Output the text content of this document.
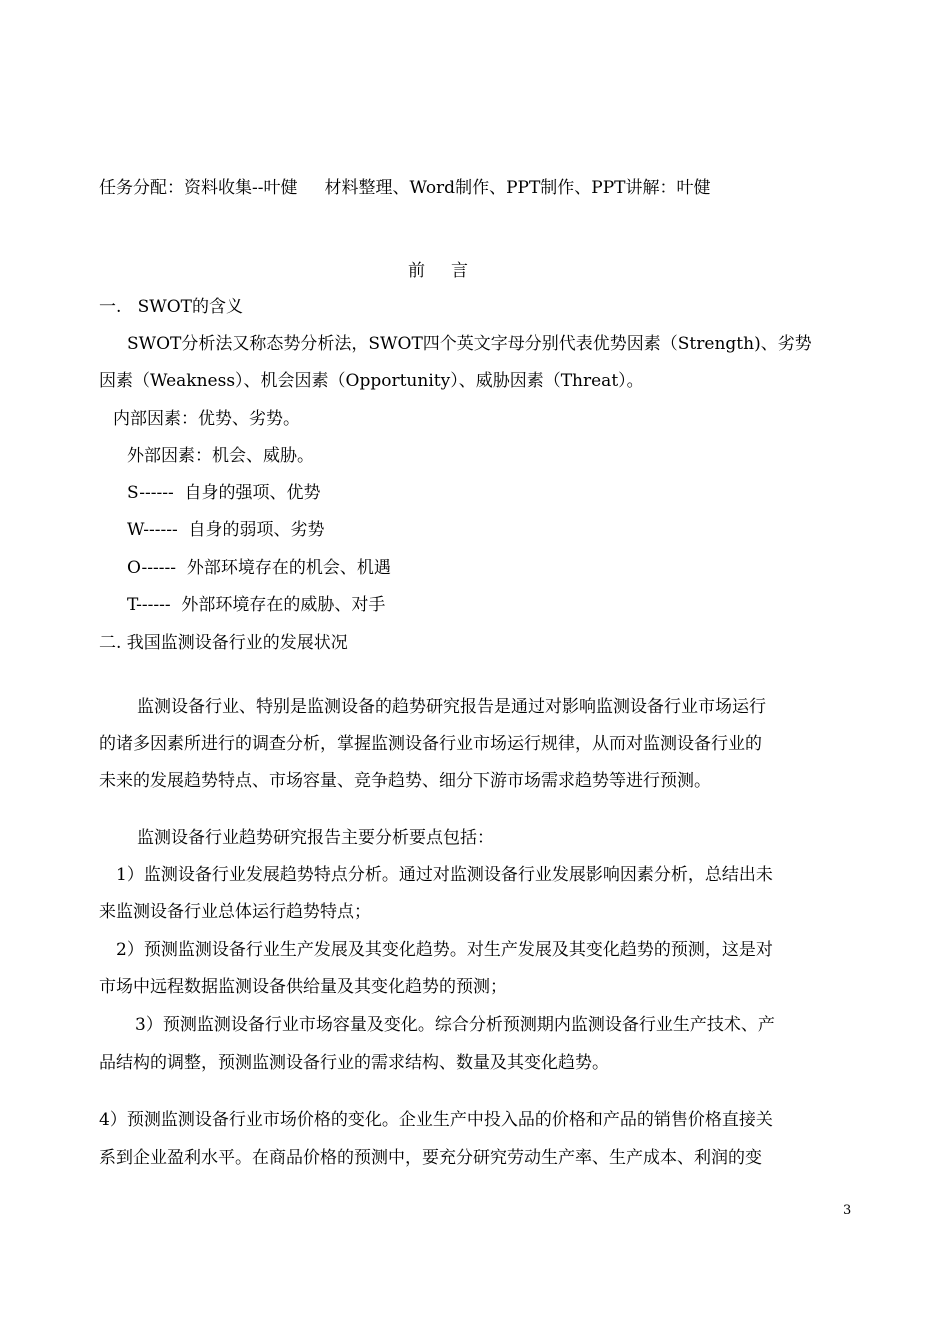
任务分配：资料收集--叶健     材料整理、Word制作、PPT制作、PPT讲解：叶健
前言
一.   SWOT的含义
SWOT分析法又称态势分析法，SWOT四个英文字母分别代表优势因素（Strength)、劣势
因素（Weakness）、机会因素（Opportunity）、威胁因素（Threat）。
内部因素：优势、劣势。
外部因素：机会、威胁。
S------  自身的强项、优势
W------  自身的弱项、劣势
O------  外部环境存在的机会、机遇
T------  外部环境存在的威胁、对手
二. 我国监测设备行业的发展状况
监测设备行业、特别是监测设备的趋势研究报告是通过对影响监测设备行业市场运行
的诸多因素所进行的调查分析，掌握监测设备行业市场运行规律，从而对监测设备行业的
未来的发展趋势特点、市场容量、竞争趋势、细分下游市场需求趋势等进行预测。
监测设备行业趋势研究报告主要分析要点包括：
1）监测设备行业发展趋势特点分析。通过对监测设备行业发展影响因素分析，总结出未
来监测设备行业总体运行趋势特点；
2）预测监测设备行业生产发展及其变化趋势。对生产发展及其变化趋势的预测，这是对
市场中远程数据监测设备供给量及其变化趋势的预测；
3）预测监测设备行业市场容量及变化。综合分析预测期内监测设备行业生产技术、产
品结构的调整，预测监测设备行业的需求结构、数量及其变化趋势。
4）预测监测设备行业市场价格的变化。企业生产中投入品的价格和产品的销售价格直接关
系到企业盈利水平。在商品价格的预测中，要充分研究劳动生产率、生产成本、利润的变
3
